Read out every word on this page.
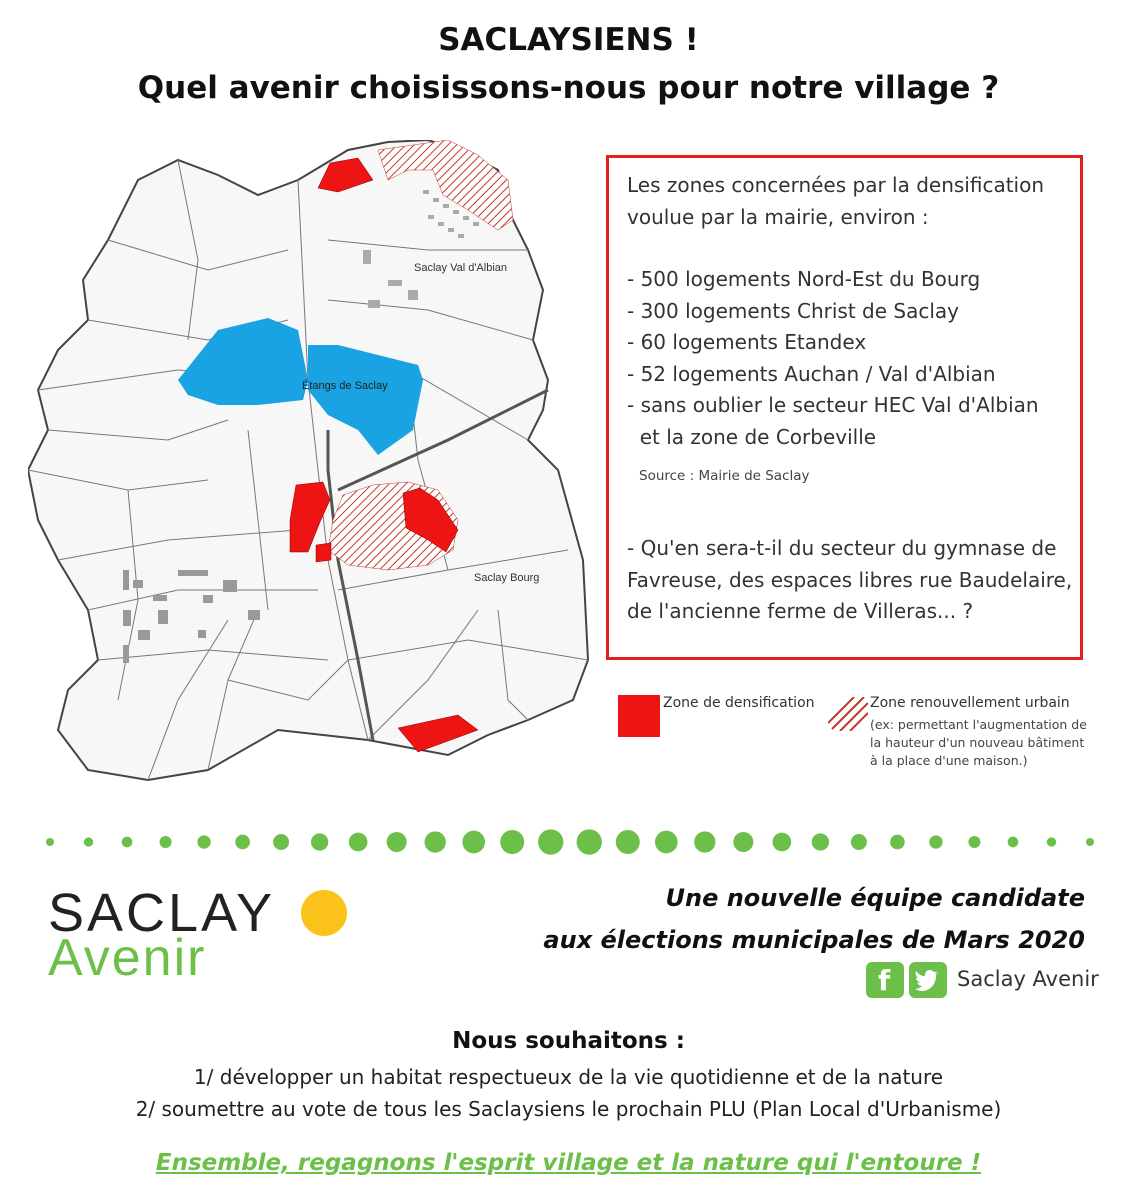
SACLAYSIENS !
Quel avenir choisissons-nous pour notre village ?
Saclay Val d'Albian
Étangs de Saclay
Saclay Bourg
Les zones concernées par la densification
voulue par la mairie, environ :
- 500 logements Nord-Est du Bourg
- 300 logements Christ de Saclay
- 60 logements Etandex
- 52 logements Auchan / Val d'Albian
- sans oublier le secteur HEC Val d'Albian
et la zone de Corbeville
Source : Mairie de Saclay
- Qu'en sera-t-il du secteur du gymnase de
Favreuse, des espaces libres rue Baudelaire,
de l'ancienne ferme de Villeras... ?
Zone de densification	Zone renouvellement urbain
(ex: permettant l'augmentation de
la hauteur d'un nouveau bâtiment
à la place d'une maison.)
SACLAY
Avenir
Une nouvelle équipe candidate
aux élections municipales de Mars 2020
f	Saclay Avenir
Nous souhaitons :
1/ développer un habitat respectueux de la vie quotidienne et de la nature
2/ soumettre au vote de tous les Saclaysiens le prochain PLU (Plan Local d'Urbanisme)
Ensemble, regagnons l'esprit village et la nature qui l'entoure !
